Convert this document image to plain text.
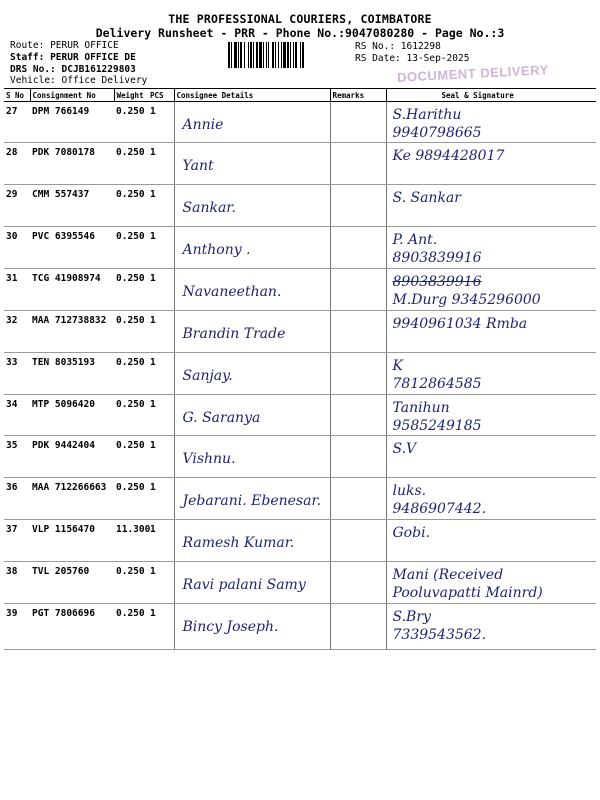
THE PROFESSIONAL COURIERS, COIMBATORE
Delivery Runsheet - PRR - Phone No.:9047080280 - Page No.:3
Route: PERUR OFFICE
Staff: PERUR OFFICE DE
DRS No.: DCJB161229803
Vehicle: Office Delivery
RS No.: 1612298
RS Date: 13-Sep-2025
DOCUMENT DELIVERY
S No	Consignment No	Weight	PCS	Consignee Details	Remarks	Seal & Signature
27	DPM 766149	0.250	1	Annie		S.Harithu
9940798665

28	PDK 7080178	0.250	1	Yant		Ke 9894428017

29	CMM 557437	0.250	1	Sankar.		S. Sankar

30	PVC 6395546	0.250	1	Anthony .		P. Ant.
8903839916

31	TCG 41908974	0.250	1	Navaneethan.		8903839916
M.Durg 9345296000

32	MAA 712738832	0.250	1	Brandin Trade		9940961034 Rmba

33	TEN 8035193	0.250	1	Sanjay.		K
7812864585

34	MTP 5096420	0.250	1	G. Saranya		Tanihun
9585249185

35	PDK 9442404	0.250	1	Vishnu.		S.V

36	MAA 712266663	0.250	1	Jebarani. Ebenesar.		luks.
9486907442.

37	VLP 1156470	11.300	1	Ramesh Kumar.		Gobi.

38	TVL 205760	0.250	1	Ravi palani Samy		Mani (Received
Pooluvapatti Mainrd)

39	PGT 7806696	0.250	1	Bincy Joseph.		S.Bry
7339543562.
